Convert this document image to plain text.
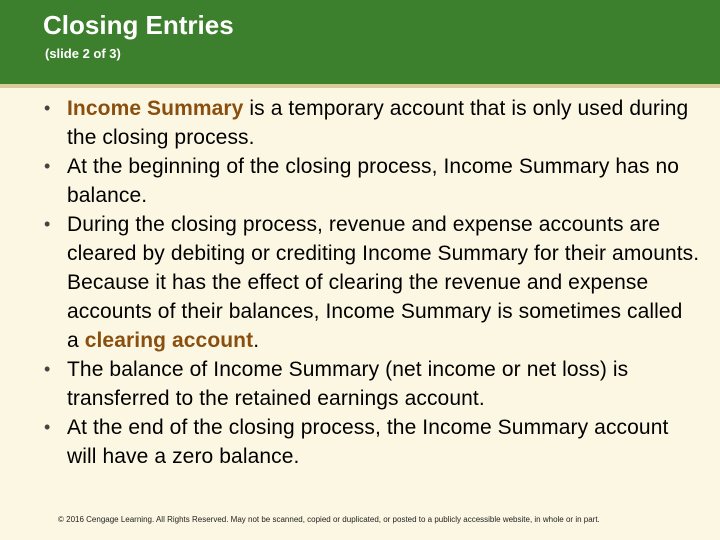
Closing Entries
(slide 2 of 3)
• Income Summary is a temporary account that is only used during the closing process.
• At the beginning of the closing process, Income Summary has no balance.
• During the closing process, revenue and expense accounts are cleared by debiting or crediting Income Summary for their amounts. Because it has the effect of clearing the revenue and expense accounts of their balances, Income Summary is sometimes called a clearing account.
• The balance of Income Summary (net income or net loss) is transferred to the retained earnings account.
• At the end of the closing process, the Income Summary account will have a zero balance.
© 2016 Cengage Learning. All Rights Reserved. May not be scanned, copied or duplicated, or posted to a publicly accessible website, in whole or in part.
